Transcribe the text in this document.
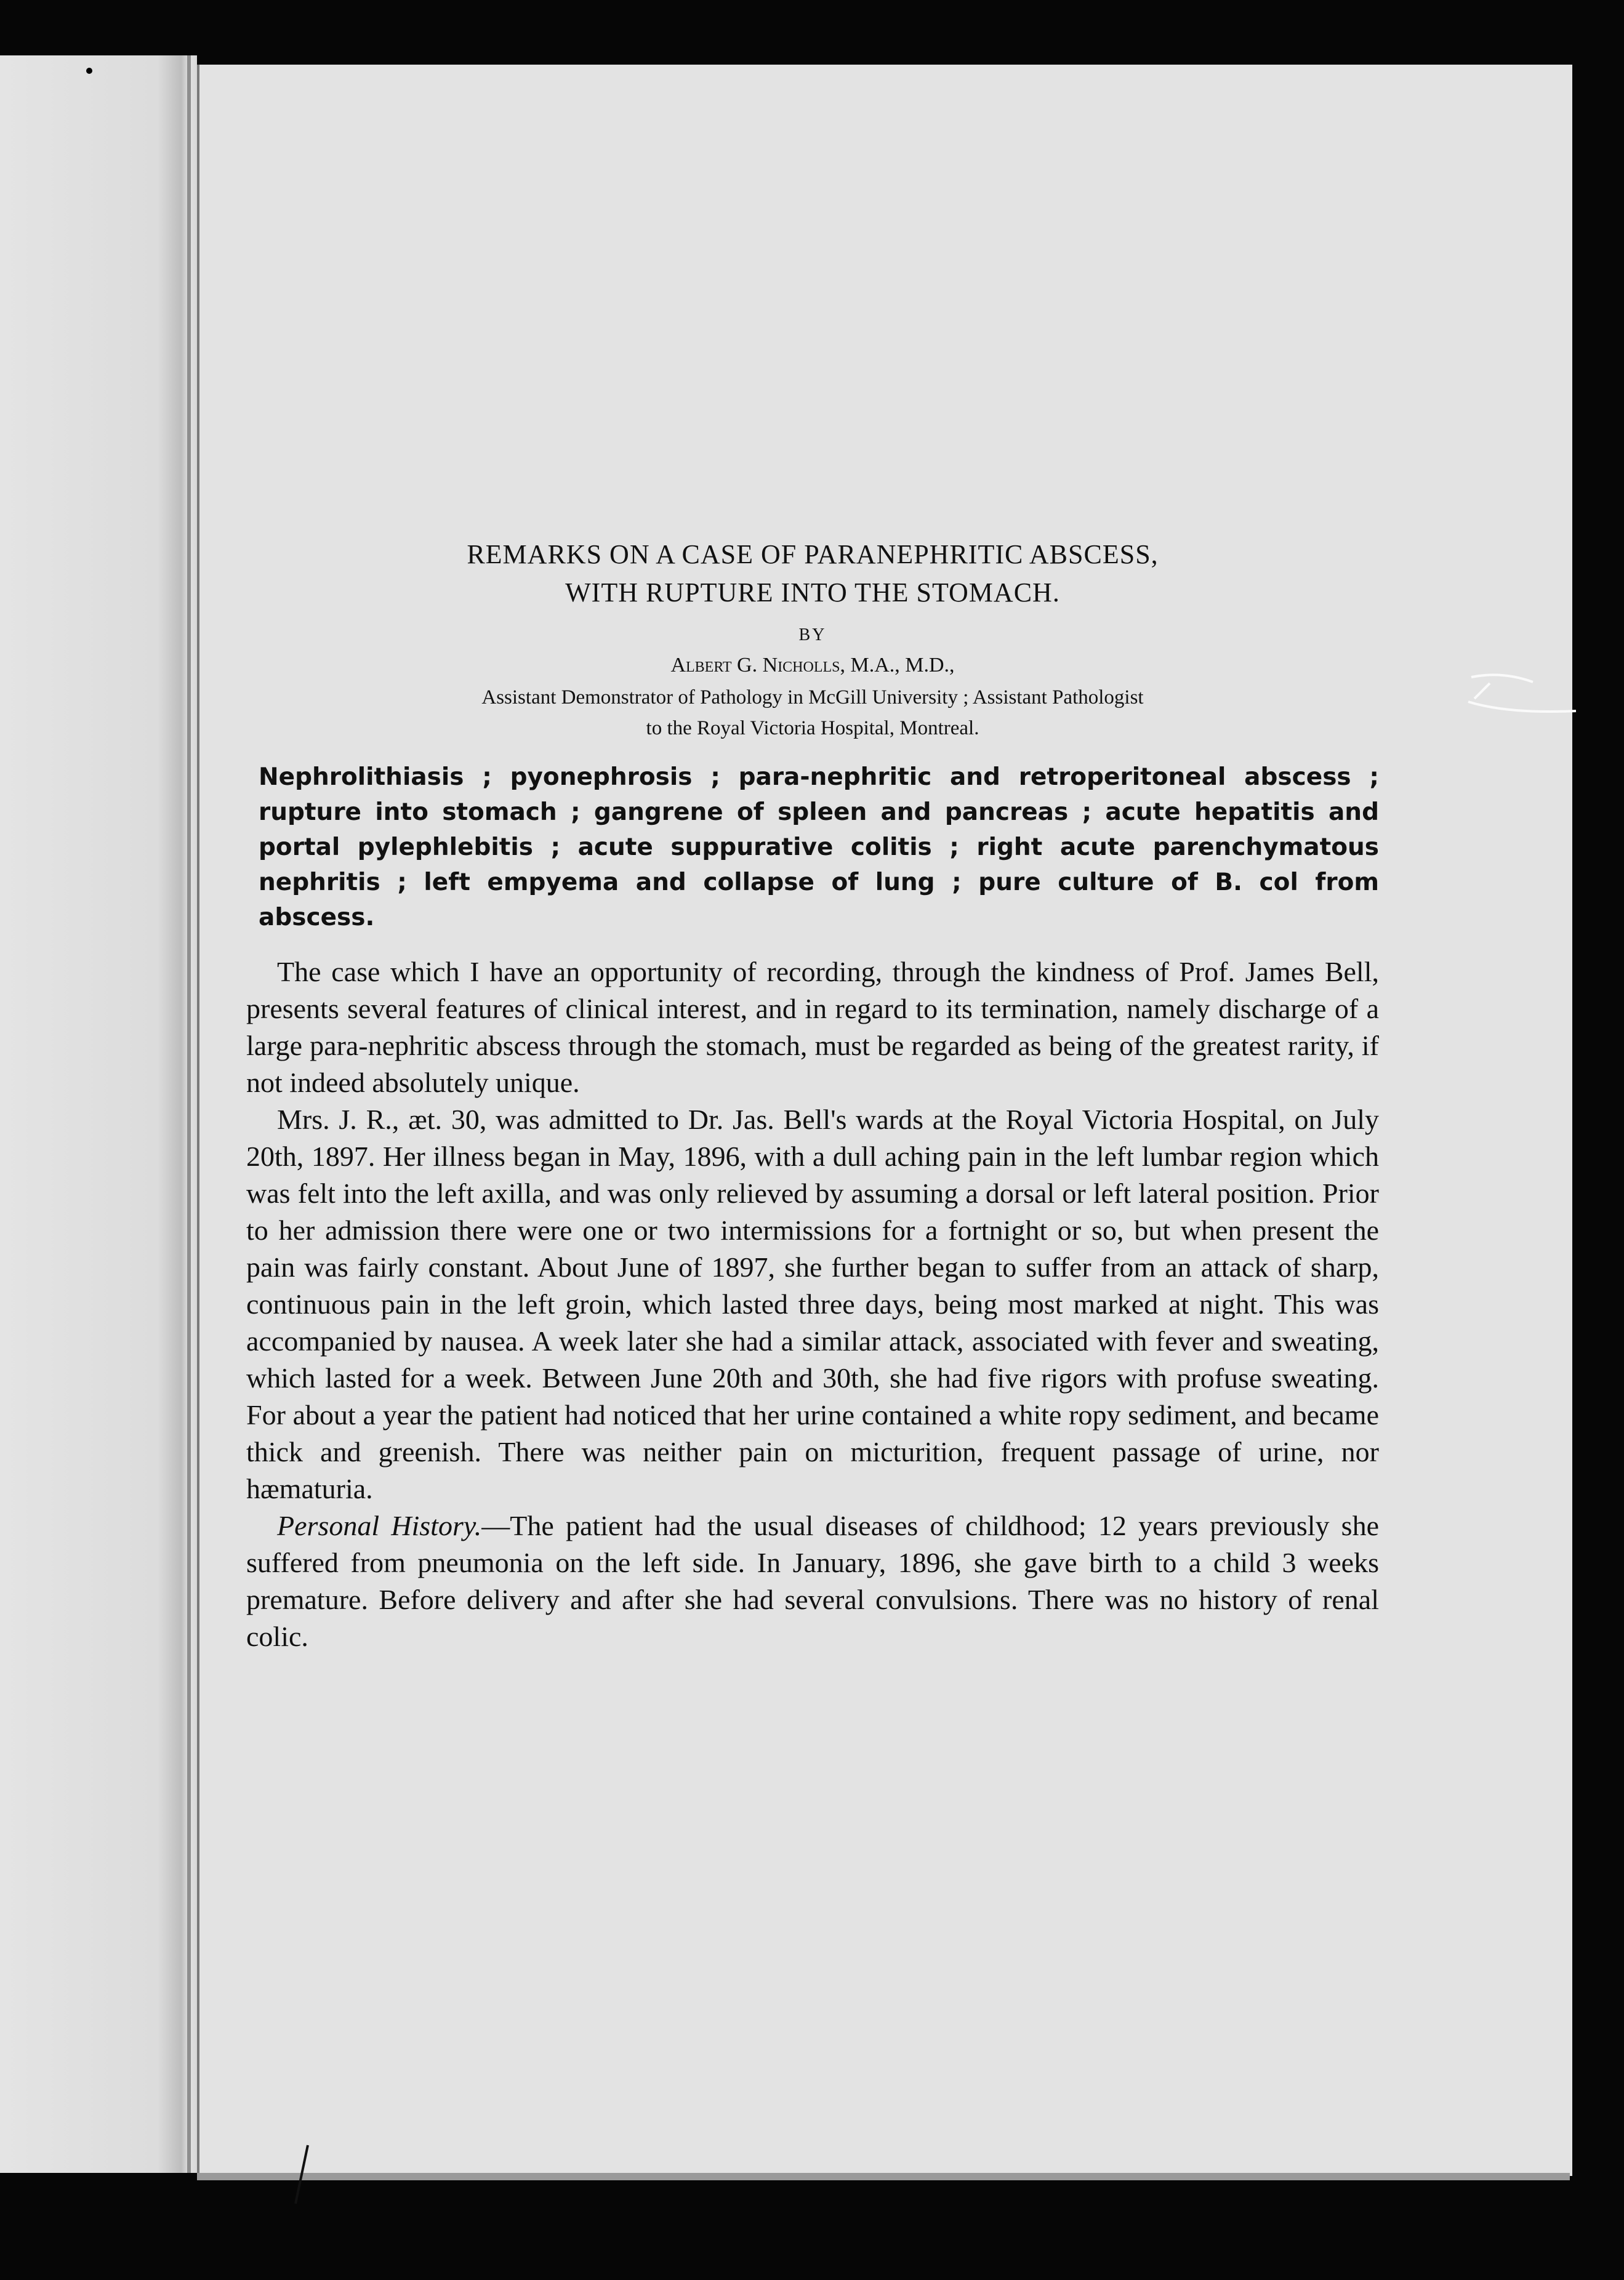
REMARKS ON A CASE OF PARANEPHRITIC ABSCESS,
WITH RUPTURE INTO THE STOMACH.

BY
Albert G. Nicholls, M.A., M.D.,
Assistant Demonstrator of Pathology in McGill University ; Assistant Pathologist
to the Royal Victoria Hospital, Montreal.
Nephrolithiasis ; pyonephrosis ; para-nephritic and retroperitoneal abscess ; rupture into stomach ; gangrene of spleen and pancreas ; acute hepatitis and portal pylephlebitis ; acute suppurative colitis ; right acute parenchymatous nephritis ; left empyema and collapse of lung ; pure culture of B. col from abscess.

The case which I have an opportunity of recording, through the kindness of Prof. James Bell, presents several features of clinical interest, and in regard to its termination, namely discharge of a large para-nephritic abscess through the stomach, must be regarded as being of the greatest rarity, if not indeed absolutely unique.

Mrs. J. R., æt. 30, was admitted to Dr. Jas. Bell's wards at the Royal Victoria Hospital, on July 20th, 1897. Her illness began in May, 1896, with a dull aching pain in the left lumbar region which was felt into the left axilla, and was only relieved by assuming a dorsal or left lateral position. Prior to her admission there were one or two intermissions for a fortnight or so, but when present the pain was fairly constant. About June of 1897, she further began to suffer from an attack of sharp, continuous pain in the left groin, which lasted three days, being most marked at night. This was accompanied by nausea. A week later she had a similar attack, associated with fever and sweating, which lasted for a week. Between June 20th and 30th, she had five rigors with profuse sweating. For about a year the patient had noticed that her urine contained a white ropy sediment, and became thick and greenish. There was neither pain on micturition, frequent passage of urine, nor hæmaturia.

Personal History.—The patient had the usual diseases of childhood; 12 years previously she suffered from pneumonia on the left side. In January, 1896, she gave birth to a child 3 weeks premature. Before delivery and after she had several convulsions. There was no history of renal colic.
